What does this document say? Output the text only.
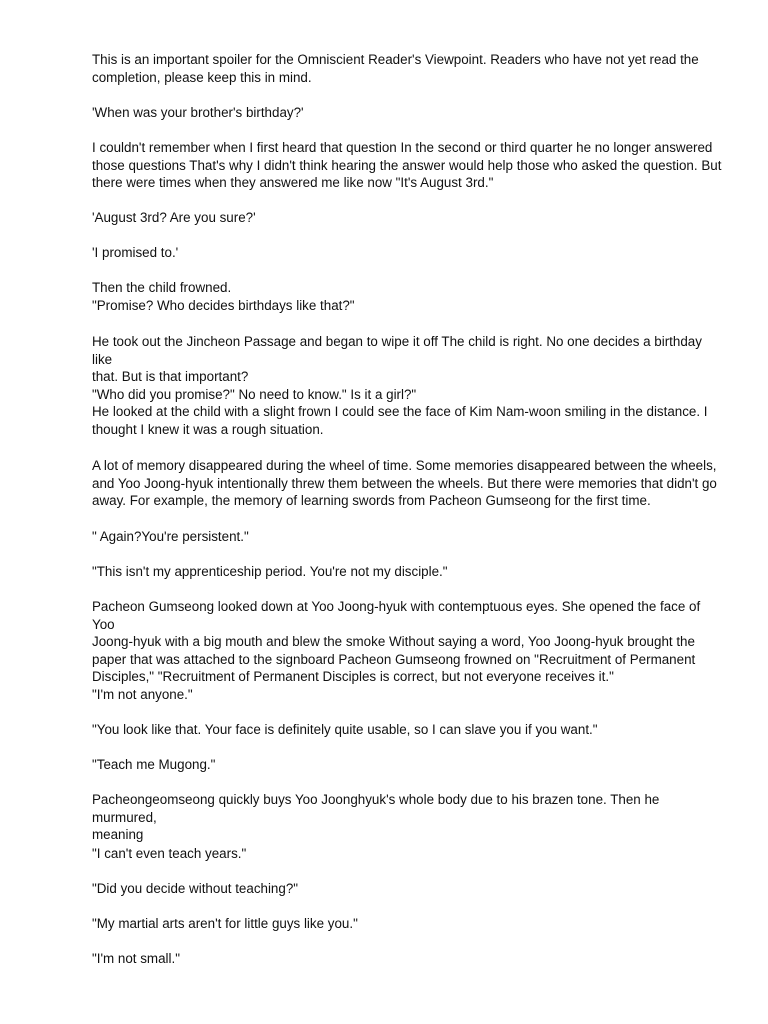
This is an important spoiler for the Omniscient Reader's Viewpoint. Readers who have not yet read the
completion, please keep this in mind.

'When was your brother's birthday?'

I couldn't remember when I first heard that question In the second or third quarter he no longer answered
those questions That's why I didn't think hearing the answer would help those who asked the question. But
there were times when they answered me like now "It's August 3rd."

'August 3rd? Are you sure?'

'I promised to.'

Then the child frowned.
"Promise? Who decides birthdays like that?"

He took out the Jincheon Passage and began to wipe it off The child is right. No one decides a birthday like
that. But is that important?
"Who did you promise?" No need to know." Is it a girl?"

He looked at the child with a slight frown I could see the face of Kim Nam-woon smiling in the distance. I
thought I knew it was a rough situation.

A lot of memory disappeared during the wheel of time. Some memories disappeared between the wheels,
and Yoo Joong-hyuk intentionally threw them between the wheels. But there were memories that didn't go
away. For example, the memory of learning swords from Pacheon Gumseong for the first time.

" Again?You're persistent."

"This isn't my apprenticeship period. You're not my disciple."

Pacheon Gumseong looked down at Yoo Joong-hyuk with contemptuous eyes. She opened the face of Yoo
Joong-hyuk with a big mouth and blew the smoke Without saying a word, Yoo Joong-hyuk brought the
paper that was attached to the signboard Pacheon Gumseong frowned on "Recruitment of Permanent
Disciples," "Recruitment of Permanent Disciples is correct, but not everyone receives it."

"I'm not anyone."

"You look like that. Your face is definitely quite usable, so I can slave you if you want."

"Teach me Mugong."

Pacheongeomseong quickly buys Yoo Joonghyuk's whole body due to his brazen tone. Then he murmured,
meaning

"I can't even teach years."

"Did you decide without teaching?"

"My martial arts aren't for little guys like you."

"I'm not small."
